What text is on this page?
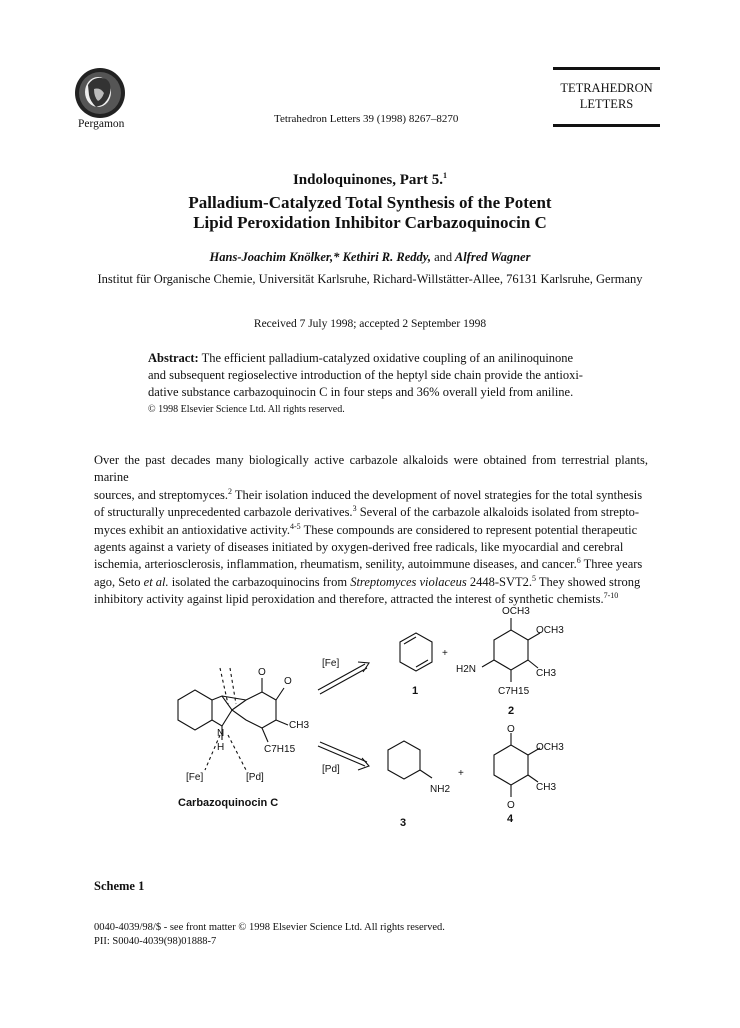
Pergamon	Tetrahedron Letters 39 (1998) 8267–8270
TETRAHEDRON
LETTERS
Indoloquinones, Part 5.$^1$
Palladium-Catalyzed Total Synthesis of the Potent
Lipid Peroxidation Inhibitor Carbazoquinocin C
Hans-Joachim Knölker,* Kethiri R. Reddy, and Alfred Wagner
Institut für Organische Chemie, Universität Karlsruhe, Richard-Willstätter-Allee, 76131 Karlsruhe, Germany
Received 7 July 1998; accepted 2 September 1998
Abstract: The efficient palladium-catalyzed oxidative coupling of an anilinoquinone
and subsequent regioselective introduction of the heptyl side chain provide the antioxi-
dative substance carbazoquinocin C in four steps and 36% overall yield from aniline.
© 1998 Elsevier Science Ltd. All rights reserved.
Over the past decades many biologically active carbazole alkaloids were obtained from terrestrial plants, marine
sources, and streptomyces.$^2$ Their isolation induced the development of novel strategies for the total synthesis
of structurally unprecedented carbazole derivatives.$^3$ Several of the carbazole alkaloids isolated from strepto-
myces exhibit an antioxidative activity.$^{4-5}$ These compounds are considered to represent potential therapeutic
agents against a variety of diseases initiated by oxygen-derived free radicals, like myocardial and cerebral
ischemia, arteriosclerosis, inflammation, rheumatism, senility, autoimmune diseases, and cancer.$^6$ Three years
ago, Seto et al. isolated the carbazoquinocins from Streptomyces violaceus 2448-SVT2.$^5$ They showed strong
inhibitory activity against lipid peroxidation and therefore, attracted the interest of synthetic chemists.$^{7-10}$
O
O
CH3
C7H15
N
H
[Fe]	[Pd]
Carbazoquinocin C
[Fe]
[Pd]
+
+
OCH3
OCH3
CH3
H2N
C7H15
1
2
NH2
3
O
O
OCH3
CH3
4
Scheme 1
0040-4039/98/$ - see front matter © 1998 Elsevier Science Ltd. All rights reserved.
PII: S0040-4039(98)01888-7
